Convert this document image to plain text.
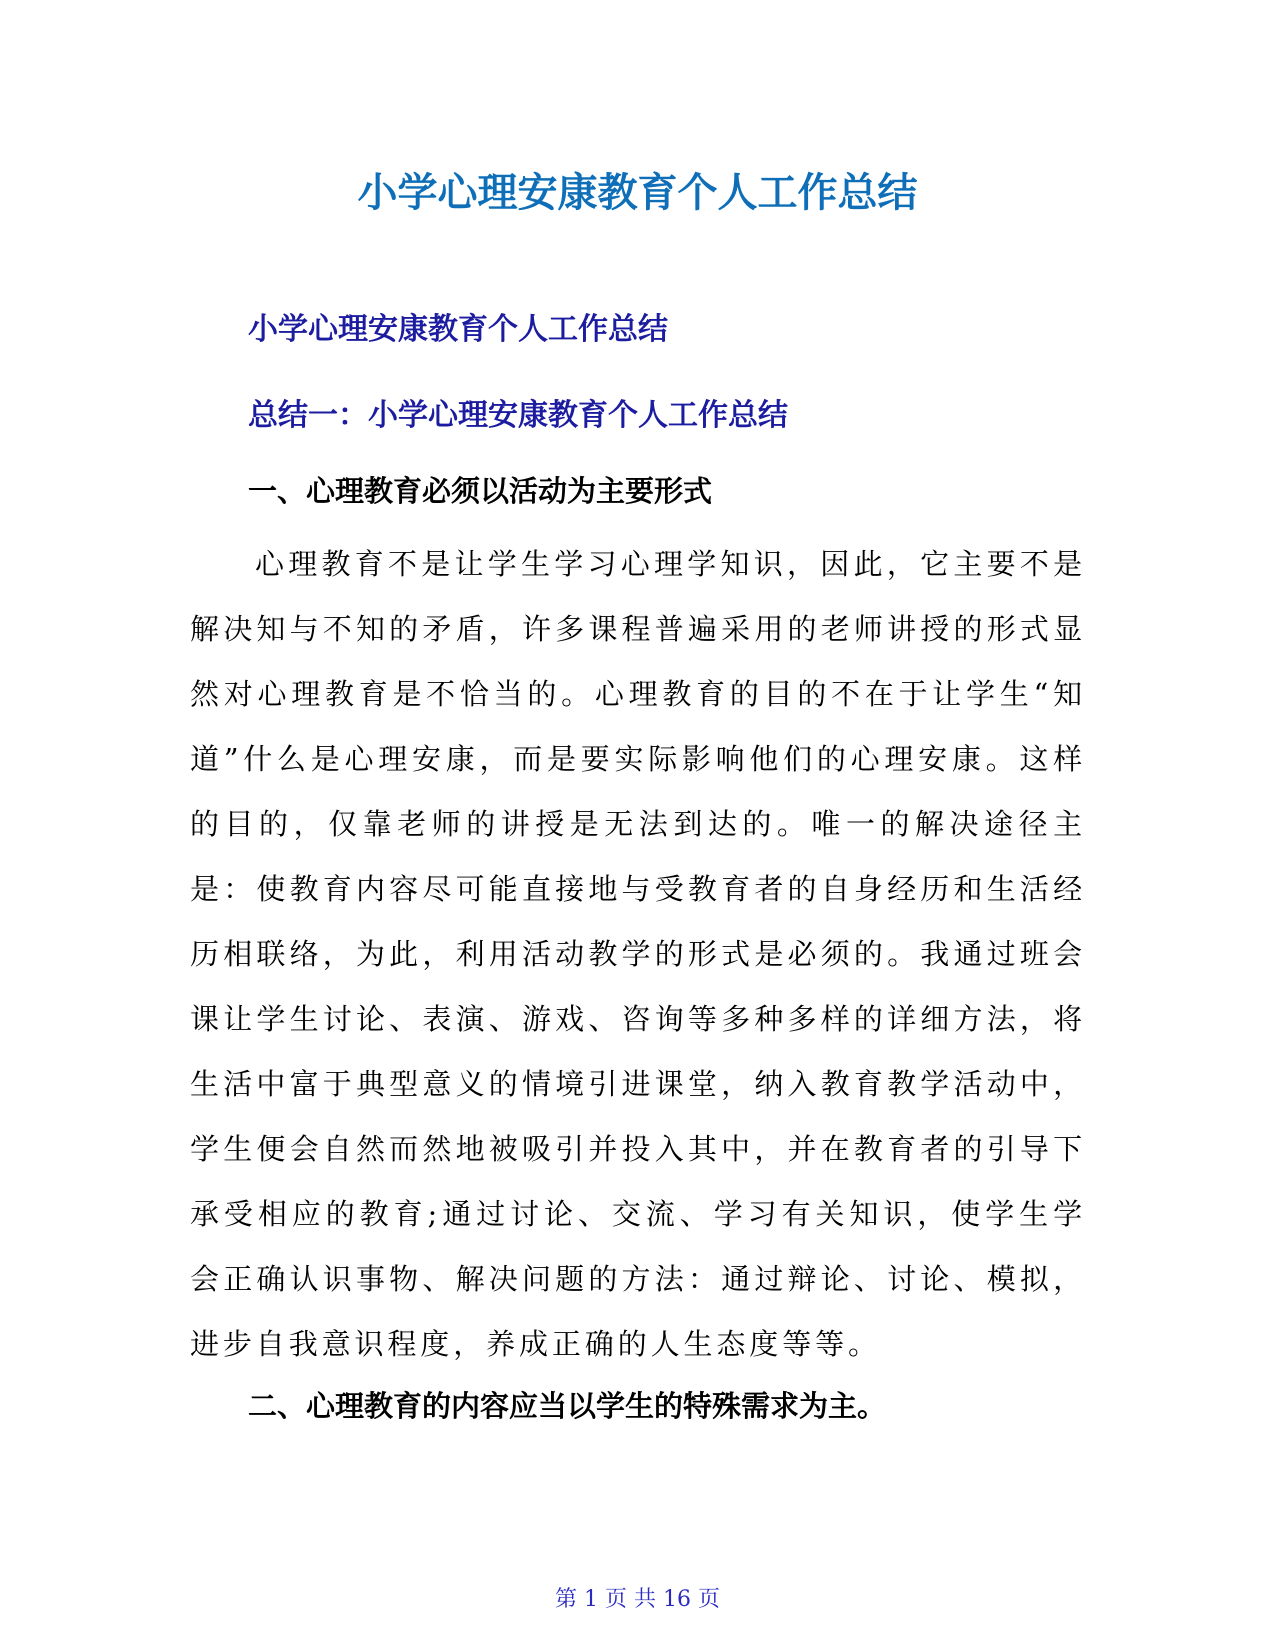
小学心理安康教育个人工作总结
小学心理安康教育个人工作总结
总结一：小学心理安康教育个人工作总结
一、心理教育必须以活动为主要形式

心理教育不是让学生学习心理学知识，因此，它主要不是解决知与不知的矛盾，许多课程普遍采用的老师讲授的形式显然对心理教育是不恰当的。心理教育的目的不在于让学生“知道”什么是心理安康，而是要实际影响他们的心理安康。这样的目的，仅靠老师的讲授是无法到达的。唯一的解决途径主是：使教育内容尽可能直接地与受教育者的自身经历和生活经历相联络，为此，利用活动教学的形式是必须的。我通过班会课让学生讨论、表演、游戏、咨询等多种多样的详细方法，将生活中富于典型意义的情境引进课堂，纳入教育教学活动中，学生便会自然而然地被吸引并投入其中，并在教育者的引导下承受相应的教育;通过讨论、交流、学习有关知识，使学生学会正确认识事物、解决问题的方法：通过辩论、讨论、模拟，进步自我意识程度，养成正确的人生态度等等。

二、心理教育的内容应当以学生的特殊需求为主。
第 1 页 共 16 页
